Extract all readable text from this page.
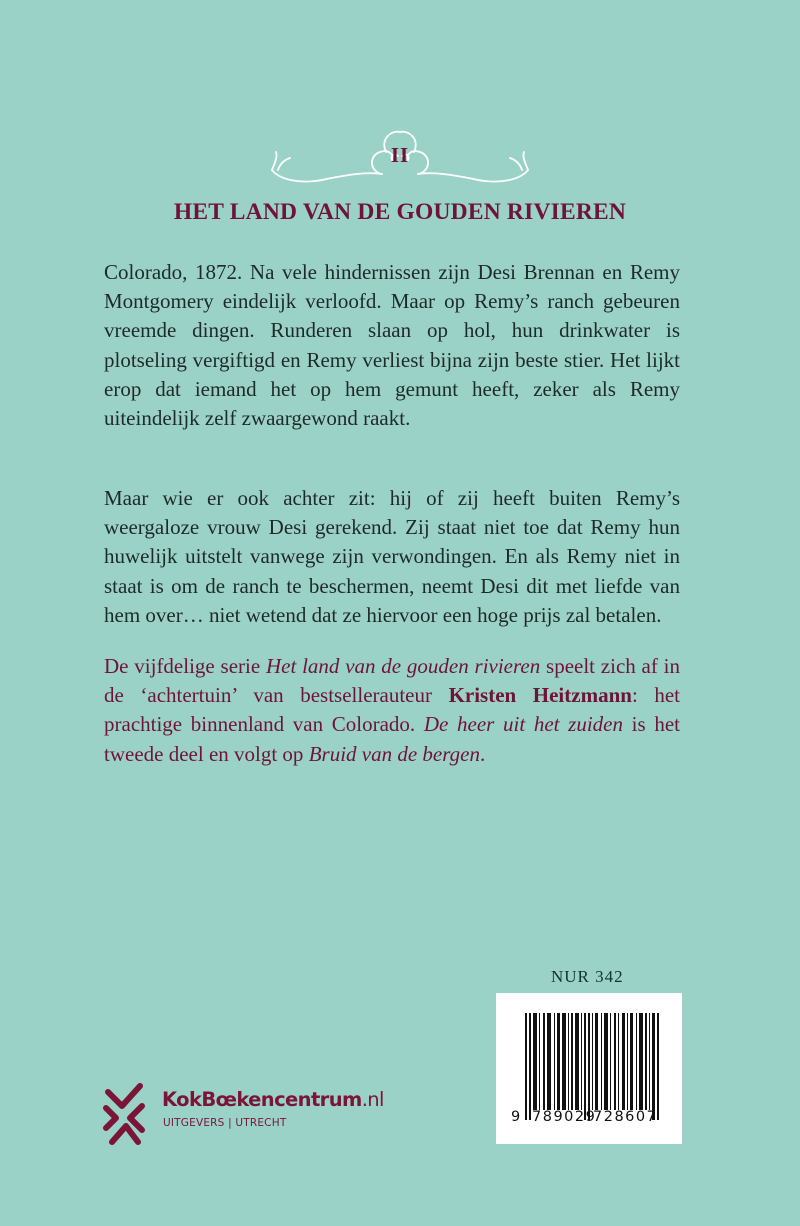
II
HET LAND VAN DE GOUDEN RIVIEREN

Colorado, 1872. Na vele hindernissen zijn Desi Brennan en Remy Montgomery eindelijk verloofd. Maar op Remy’s ranch gebeuren vreemde dingen. Runderen slaan op hol, hun drinkwater is plotseling vergiftigd en Remy verliest bijna zijn beste stier. Het lijkt erop dat iemand het op hem gemunt heeft, zeker als Remy uiteindelijk zelf zwaargewond raakt.

Maar wie er ook achter zit: hij of zij heeft buiten Remy’s weergaloze vrouw Desi gerekend. Zij staat niet toe dat Remy hun huwelijk uitstelt vanwege zijn verwondingen. En als Remy niet in staat is om de ranch te beschermen, neemt Desi dit met liefde van hem over… niet wetend dat ze hiervoor een hoge prijs zal betalen.

De vijfdelige serie Het land van de gouden rivieren speelt zich af in de ‘achtertuin’ van bestsellerauteur Kristen Heitzmann: het prachtige binnenland van Colorado. De heer uit het zuiden is het tweede deel en volgt op Bruid van de bergen.

NUR 342
9 789029
728607
KokBœkencentrum.nl
UITGEVERS | UTRECHT
